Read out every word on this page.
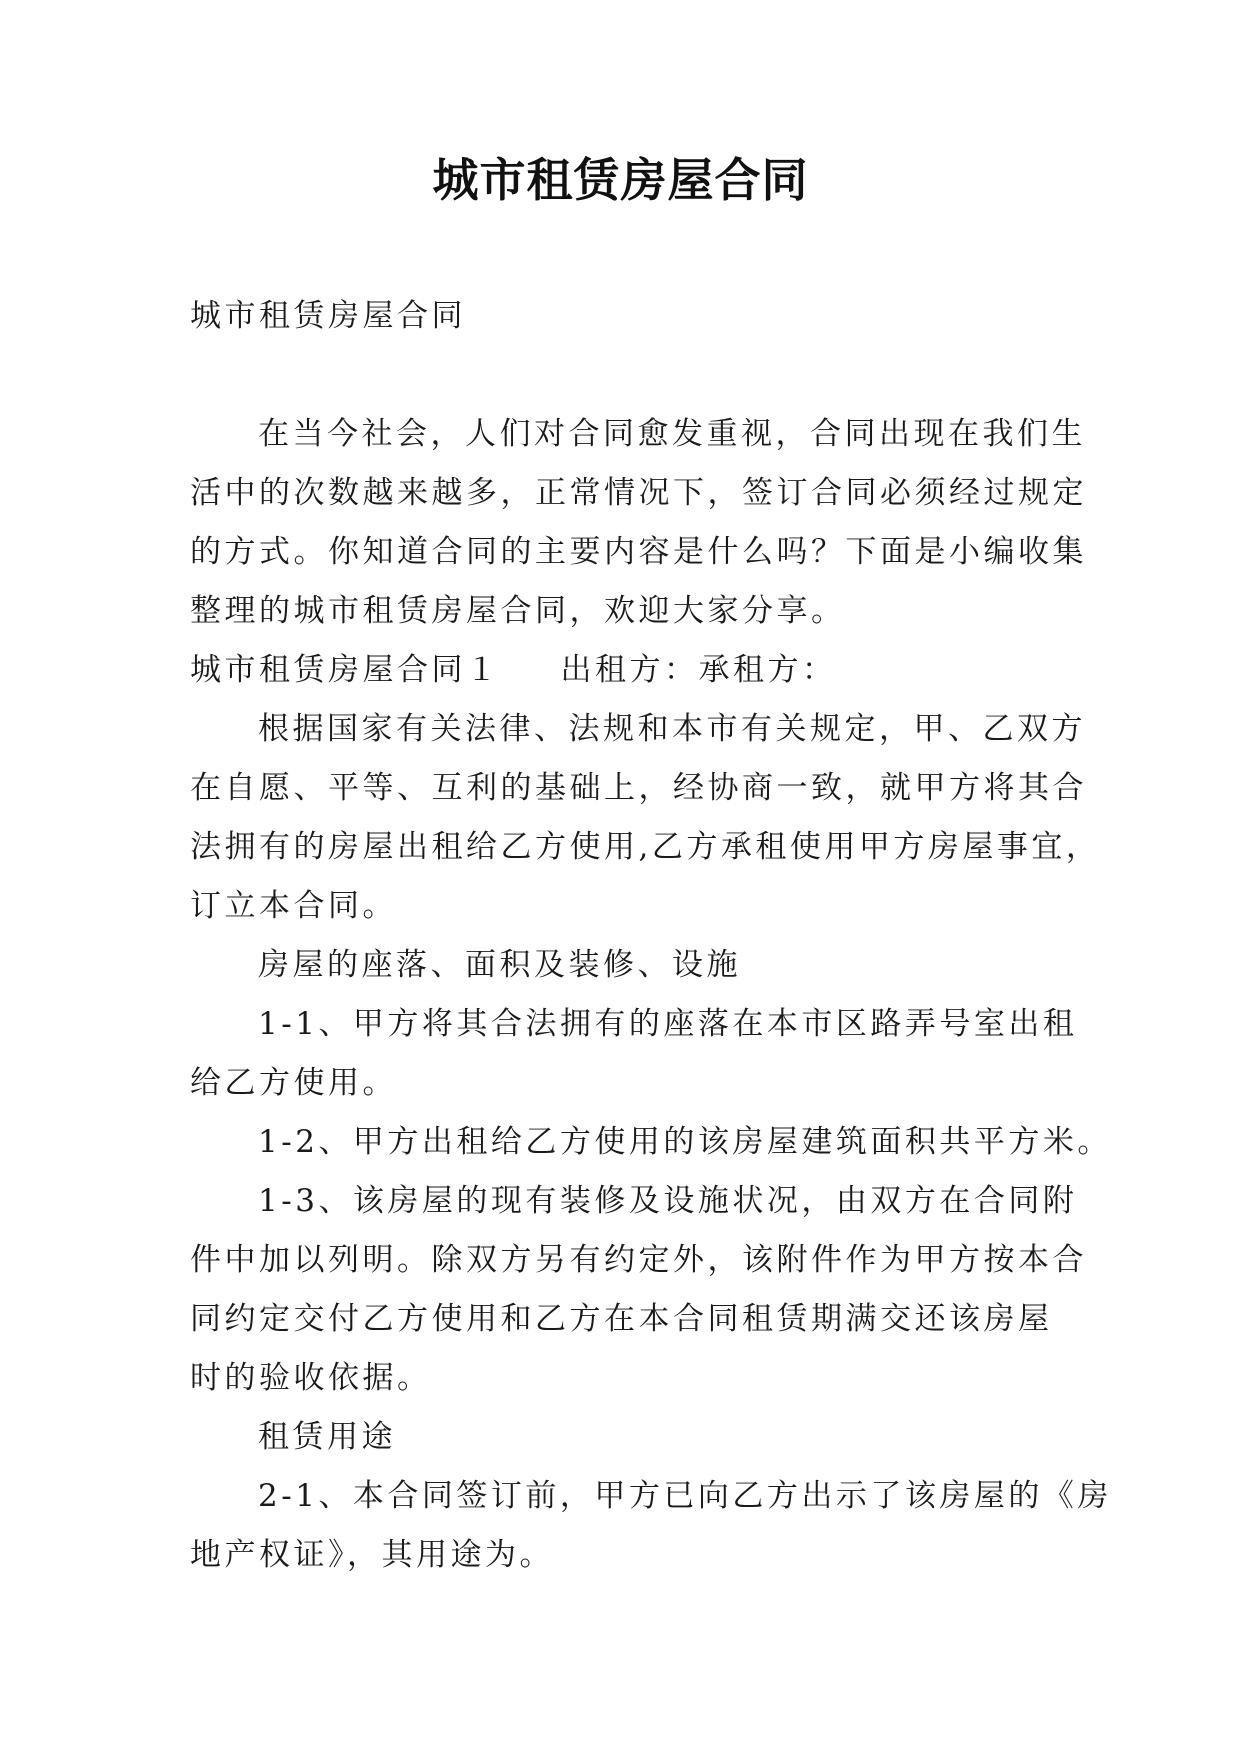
城市租赁房屋合同

城市租赁房屋合同

在当今社会，人们对合同愈发重视，合同出现在我们生

活中的次数越来越多，正常情况下，签订合同必须经过规定

的方式。你知道合同的主要内容是什么吗？下面是小编收集

整理的城市租赁房屋合同，欢迎大家分享。

城市租赁房屋合同１ 出租方：承租方：

根据国家有关法律、法规和本市有关规定，甲、乙双方

在自愿、平等、互利的基础上，经协商一致，就甲方将其合

法拥有的房屋出租给乙方使用,乙方承租使用甲方房屋事宜，

订立本合同。

房屋的座落、面积及装修、设施

1-1、甲方将其合法拥有的座落在本市区路弄号室出租

给乙方使用。

1-2、甲方出租给乙方使用的该房屋建筑面积共平方米。

1-3、该房屋的现有装修及设施状况，由双方在合同附

件中加以列明。除双方另有约定外，该附件作为甲方按本合

同约定交付乙方使用和乙方在本合同租赁期满交还该房屋

时的验收依据。

租赁用途

2-1、本合同签订前，甲方已向乙方出示了该房屋的《房

地产权证》，其用途为。
